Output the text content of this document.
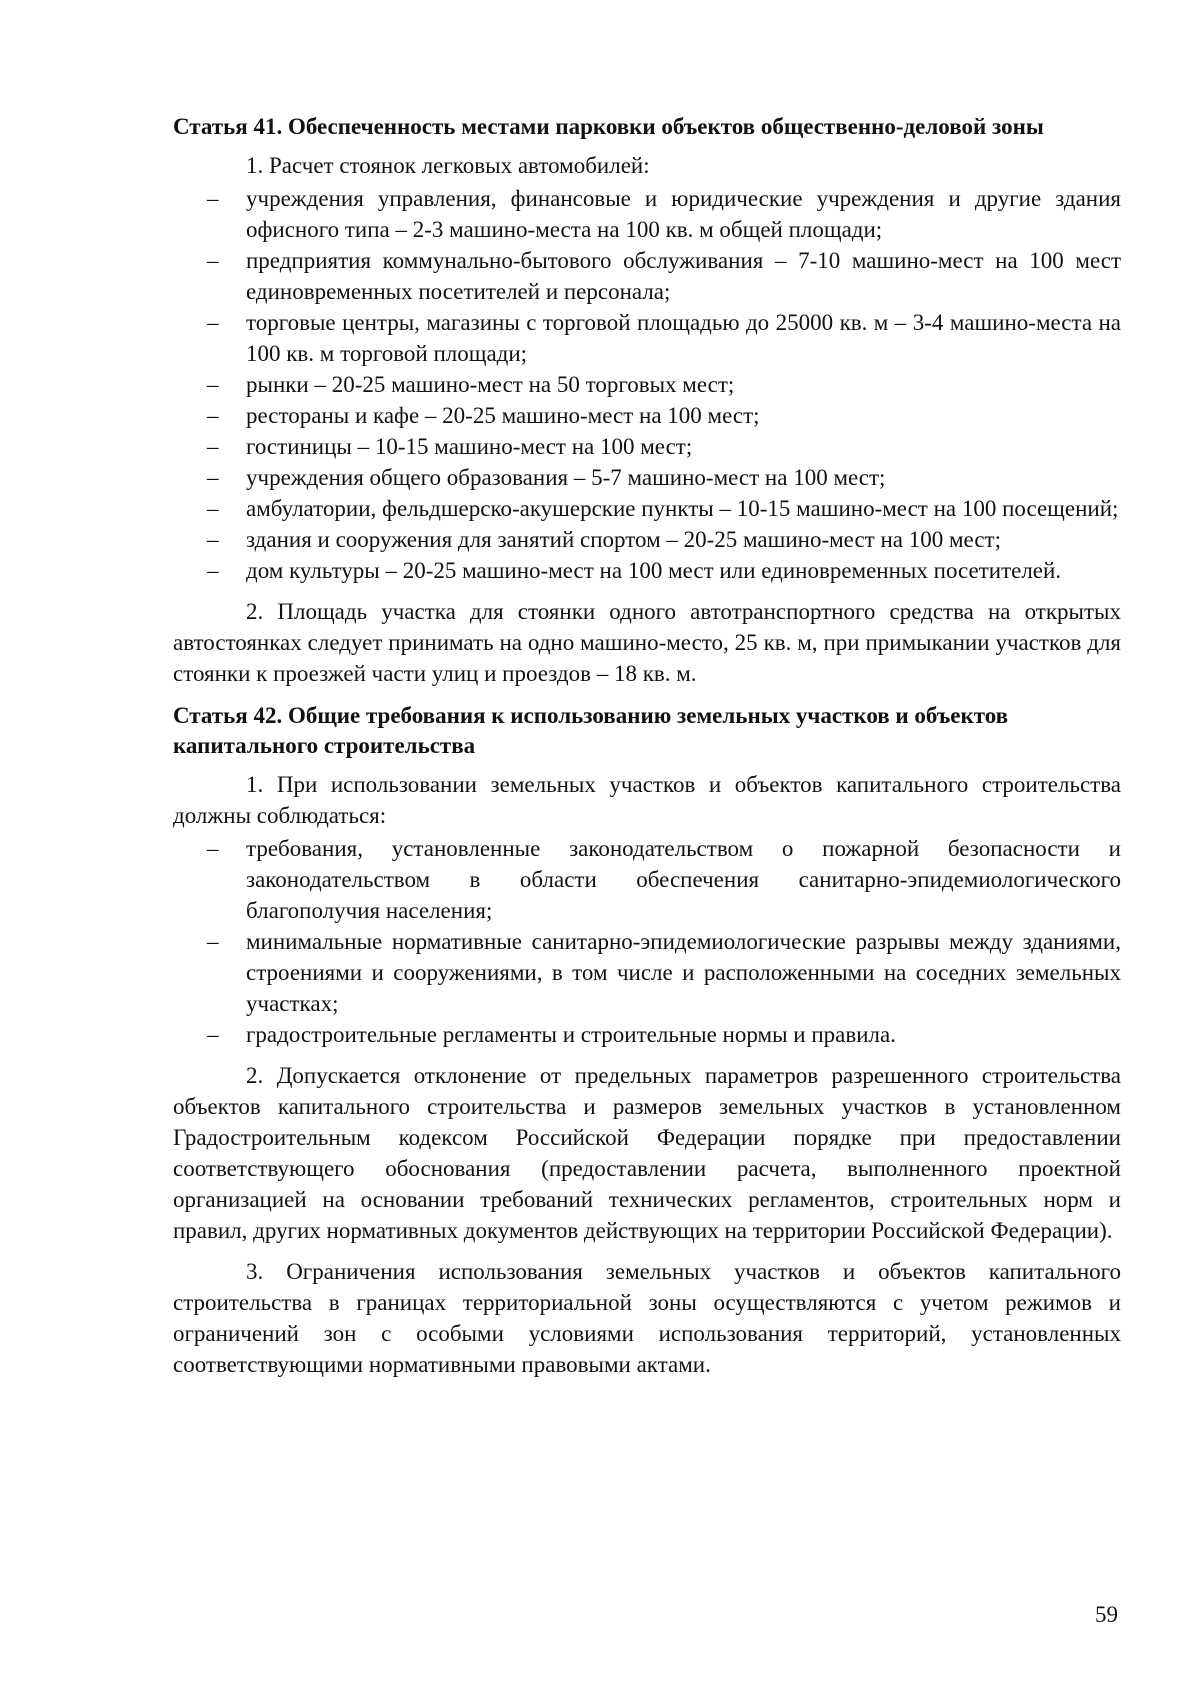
Статья 41. Обеспеченность местами парковки объектов общественно-деловой зоны

1. Расчет стоянок легковых автомобилей:

– учреждения управления, финансовые и юридические учреждения и другие здания офисного типа – 2-3 машино-места на 100 кв. м общей площади;
– предприятия коммунально-бытового обслуживания – 7-10 машино-мест на 100 мест единовременных посетителей и персонала;
– торговые центры, магазины с торговой площадью до 25000 кв. м – 3-4 машино-места на 100 кв. м торговой площади;
– рынки – 20-25 машино-мест на 50 торговых мест;
– рестораны и кафе – 20-25 машино-мест на 100 мест;
– гостиницы – 10-15 машино-мест на 100 мест;
– учреждения общего образования – 5-7 машино-мест на 100 мест;
– амбулатории, фельдшерско-акушерские пункты – 10-15 машино-мест на 100 посещений;
– здания и сооружения для занятий спортом – 20-25 машино-мест на 100 мест;
– дом культуры – 20-25 машино-мест на 100 мест или единовременных посетителей.

2. Площадь участка для стоянки одного автотранспортного средства на открытых автостоянках следует принимать на одно машино-место, 25 кв. м, при примыкании участков для стоянки к проезжей части улиц и проездов – 18 кв. м.

Статья 42. Общие требования к использованию земельных участков и объектов капитального строительства

1. При использовании земельных участков и объектов капитального строительства должны соблюдаться:

– требования, установленные законодательством о пожарной безопасности и законодательством в области обеспечения санитарно-эпидемиологического благополучия населения;
– минимальные нормативные санитарно-эпидемиологические разрывы между зданиями, строениями и сооружениями, в том числе и расположенными на соседних земельных участках;
– градостроительные регламенты и строительные нормы и правила.

2. Допускается отклонение от предельных параметров разрешенного строительства объектов капитального строительства и размеров земельных участков в установленном Градостроительным кодексом Российской Федерации порядке при предоставлении соответствующего обоснования (предоставлении расчета, выполненного проектной организацией на основании требований технических регламентов, строительных норм и правил, других нормативных документов действующих на территории Российской Федерации).

3. Ограничения использования земельных участков и объектов капитального строительства в границах территориальной зоны осуществляются с учетом режимов и ограничений зон с особыми условиями использования территорий, установленных соответствующими нормативными правовыми актами.

59
